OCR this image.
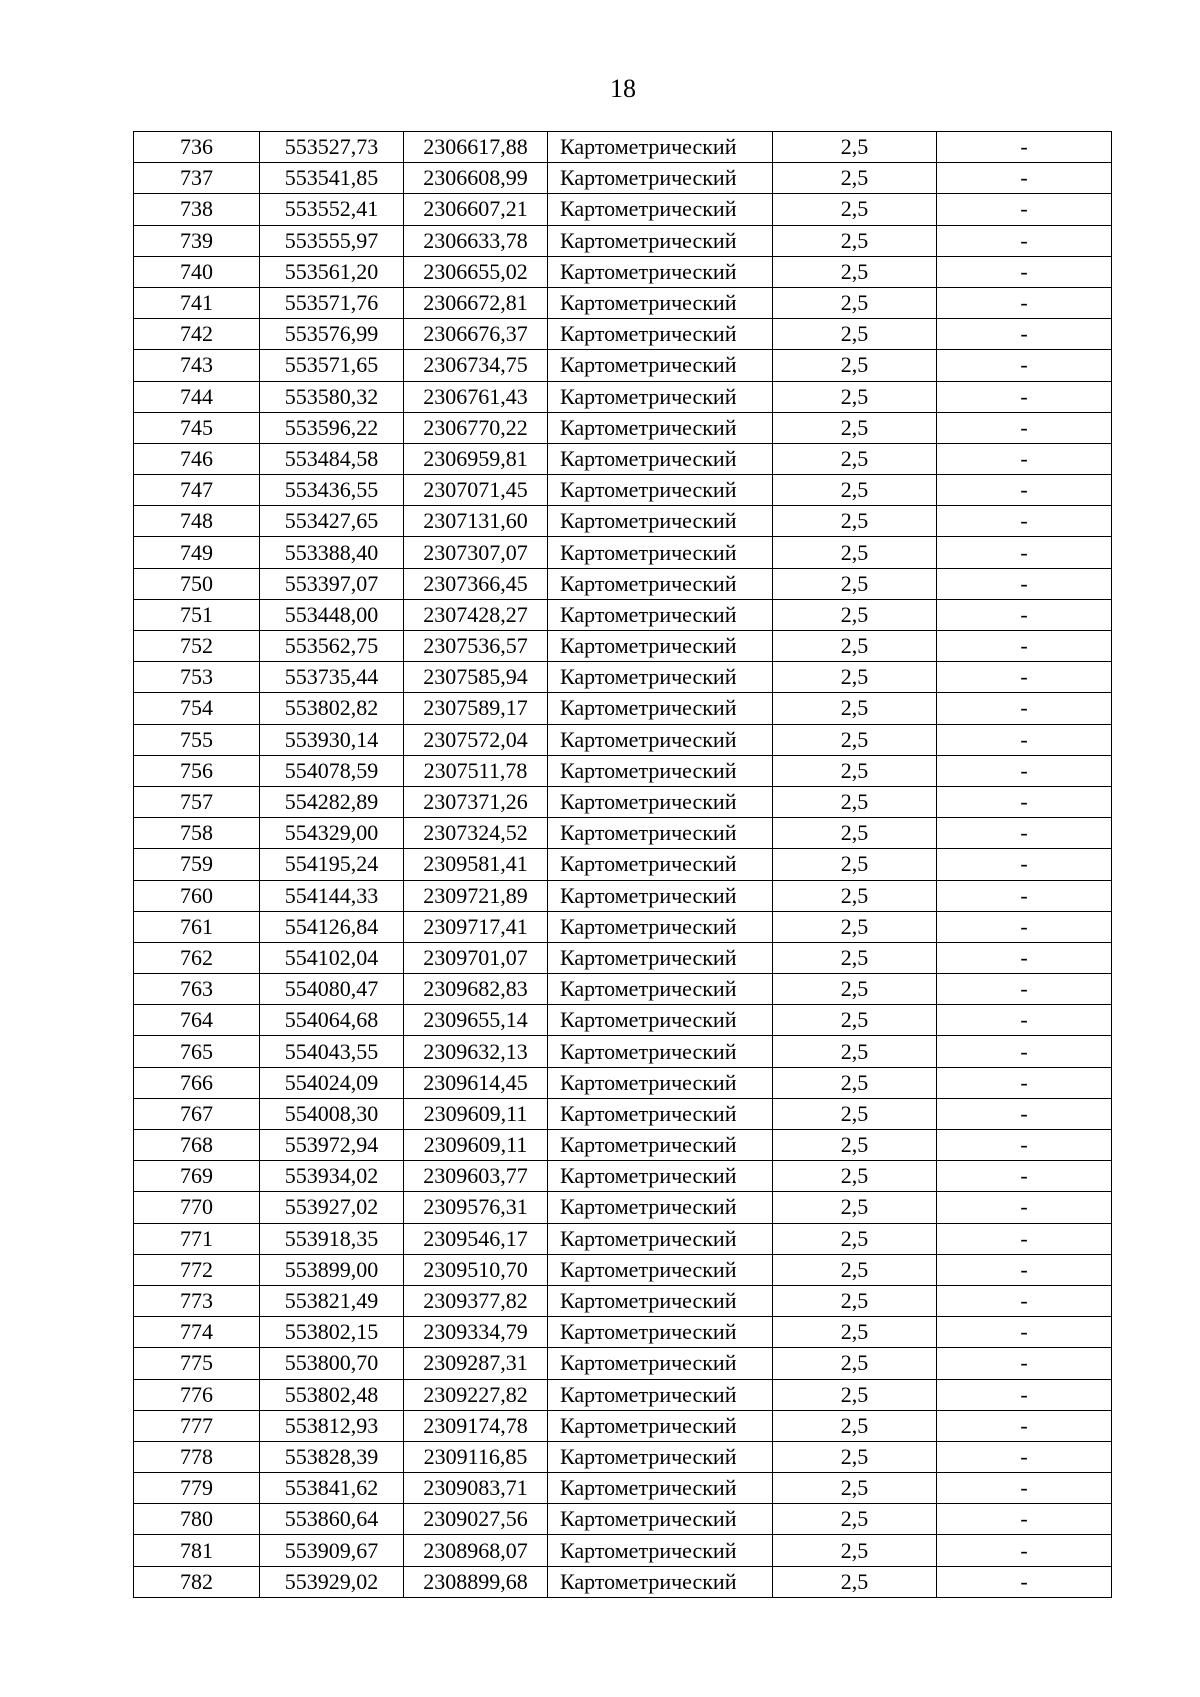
18
736	553527,73	2306617,88	Картометрический	2,5	-
737	553541,85	2306608,99	Картометрический	2,5	-
738	553552,41	2306607,21	Картометрический	2,5	-
739	553555,97	2306633,78	Картометрический	2,5	-
740	553561,20	2306655,02	Картометрический	2,5	-
741	553571,76	2306672,81	Картометрический	2,5	-
742	553576,99	2306676,37	Картометрический	2,5	-
743	553571,65	2306734,75	Картометрический	2,5	-
744	553580,32	2306761,43	Картометрический	2,5	-
745	553596,22	2306770,22	Картометрический	2,5	-
746	553484,58	2306959,81	Картометрический	2,5	-
747	553436,55	2307071,45	Картометрический	2,5	-
748	553427,65	2307131,60	Картометрический	2,5	-
749	553388,40	2307307,07	Картометрический	2,5	-
750	553397,07	2307366,45	Картометрический	2,5	-
751	553448,00	2307428,27	Картометрический	2,5	-
752	553562,75	2307536,57	Картометрический	2,5	-
753	553735,44	2307585,94	Картометрический	2,5	-
754	553802,82	2307589,17	Картометрический	2,5	-
755	553930,14	2307572,04	Картометрический	2,5	-
756	554078,59	2307511,78	Картометрический	2,5	-
757	554282,89	2307371,26	Картометрический	2,5	-
758	554329,00	2307324,52	Картометрический	2,5	-
759	554195,24	2309581,41	Картометрический	2,5	-
760	554144,33	2309721,89	Картометрический	2,5	-
761	554126,84	2309717,41	Картометрический	2,5	-
762	554102,04	2309701,07	Картометрический	2,5	-
763	554080,47	2309682,83	Картометрический	2,5	-
764	554064,68	2309655,14	Картометрический	2,5	-
765	554043,55	2309632,13	Картометрический	2,5	-
766	554024,09	2309614,45	Картометрический	2,5	-
767	554008,30	2309609,11	Картометрический	2,5	-
768	553972,94	2309609,11	Картометрический	2,5	-
769	553934,02	2309603,77	Картометрический	2,5	-
770	553927,02	2309576,31	Картометрический	2,5	-
771	553918,35	2309546,17	Картометрический	2,5	-
772	553899,00	2309510,70	Картометрический	2,5	-
773	553821,49	2309377,82	Картометрический	2,5	-
774	553802,15	2309334,79	Картометрический	2,5	-
775	553800,70	2309287,31	Картометрический	2,5	-
776	553802,48	2309227,82	Картометрический	2,5	-
777	553812,93	2309174,78	Картометрический	2,5	-
778	553828,39	2309116,85	Картометрический	2,5	-
779	553841,62	2309083,71	Картометрический	2,5	-
780	553860,64	2309027,56	Картометрический	2,5	-
781	553909,67	2308968,07	Картометрический	2,5	-
782	553929,02	2308899,68	Картометрический	2,5	-
